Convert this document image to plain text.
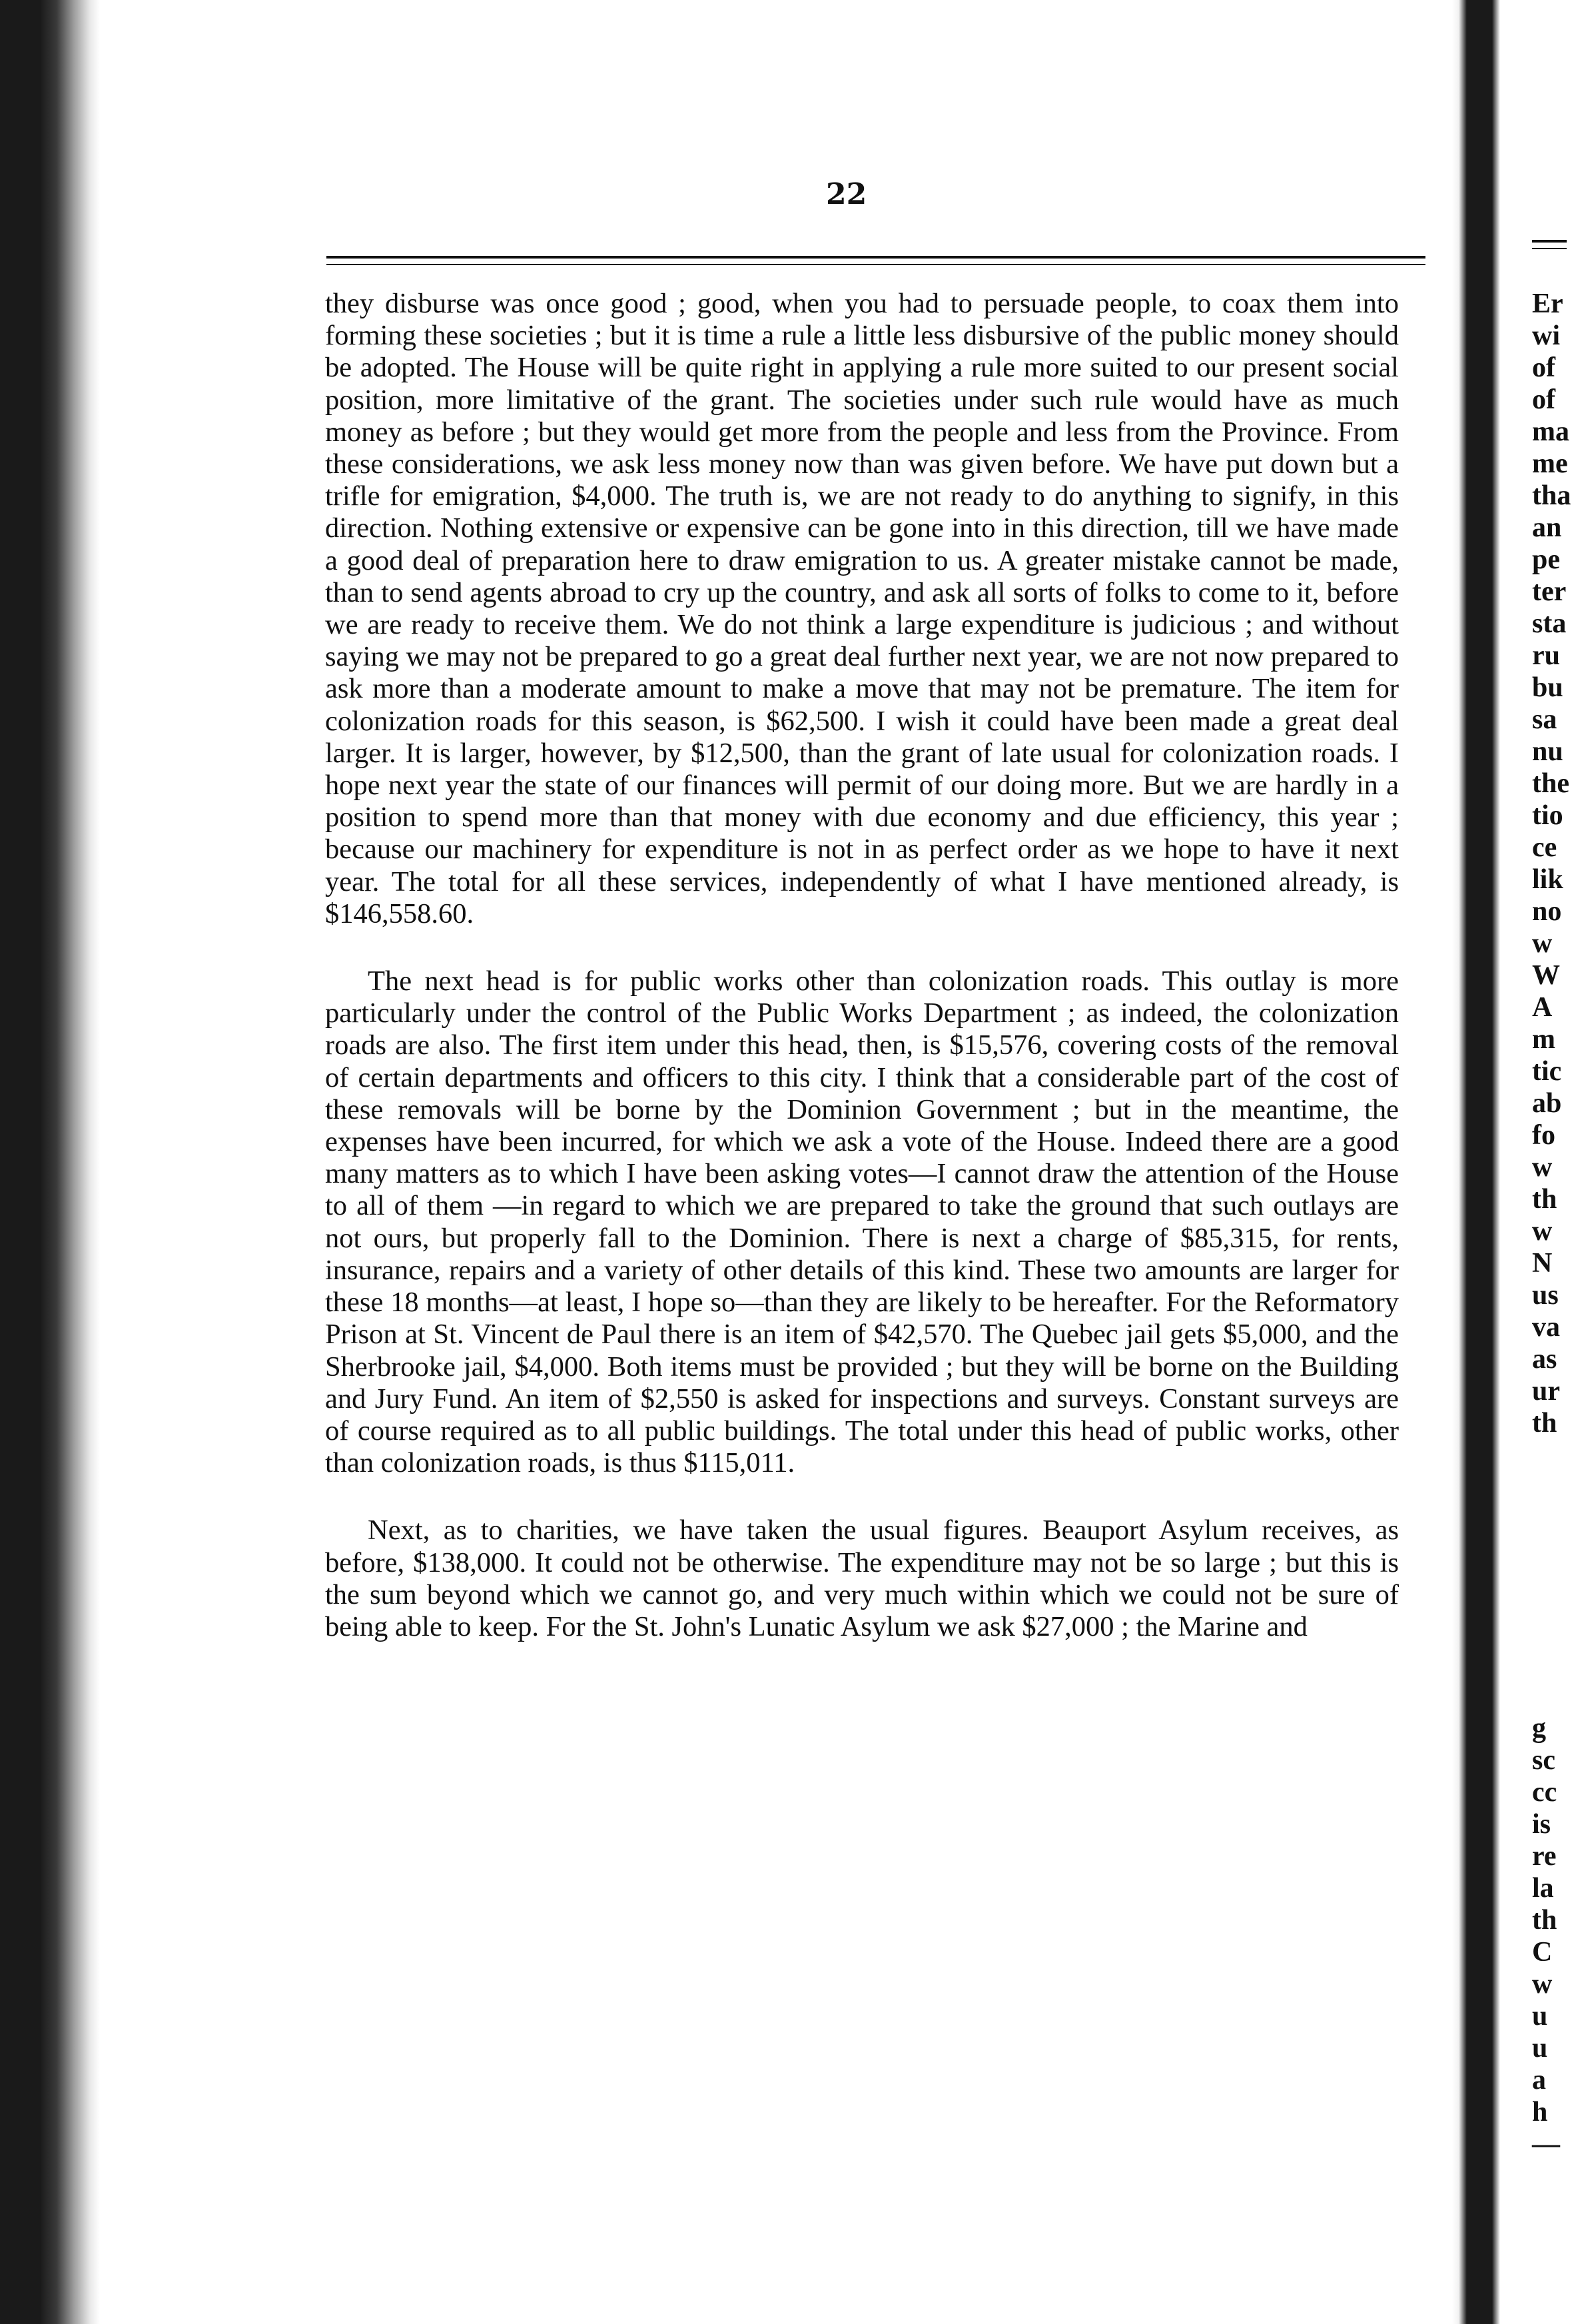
22

they disburse was once good ; good, when you had to persuade people, to coax them into forming these societies ; but it is time a rule a little less disbursive of the public money should be adopted. The House will be quite right in applying a rule more suited to our present social position, more limitative of the grant. The societies under such rule would have as much money as before ; but they would get more from the people and less from the Province. From these considerations, we ask less money now than was given before. We have put down but a trifle for emigration, $4,000. The truth is, we are not ready to do anything to signify, in this direction. Nothing extensive or expensive can be gone into in this direction, till we have made a good deal of preparation here to draw emigration to us. A greater mistake cannot be made, than to send agents abroad to cry up the country, and ask all sorts of folks to come to it, before we are ready to receive them. We do not think a large expenditure is judicious ; and without saying we may not be prepared to go a great deal further next year, we are not now prepared to ask more than a moderate amount to make a move that may not be premature. The item for colonization roads for this season, is $62,500. I wish it could have been made a great deal larger. It is larger, however, by $12,500, than the grant of late usual for colonization roads. I hope next year the state of our finances will permit of our doing more. But we are hardly in a position to spend more than that money with due economy and due efficiency, this year ; because our machinery for expenditure is not in as perfect order as we hope to have it next year. The total for all these services, independently of what I have mentioned already, is $146,558.60.

The next head is for public works other than colonization roads. This outlay is more particularly under the control of the Public Works Department ; as indeed, the colonization roads are also. The first item under this head, then, is $15,576, covering costs of the removal of certain departments and officers to this city. I think that a considerable part of the cost of these removals will be borne by the Dominion Government ; but in the meantime, the expenses have been incurred, for which we ask a vote of the House. Indeed there are a good many matters as to which I have been asking votes—I cannot draw the attention of the House to all of them —in regard to which we are prepared to take the ground that such outlays are not ours, but properly fall to the Dominion. There is next a charge of $85,315, for rents, insurance, repairs and a variety of other details of this kind. These two amounts are larger for these 18 months—at least, I hope so—than they are likely to be hereafter. For the Reformatory Prison at St. Vincent de Paul there is an item of $42,570. The Quebec jail gets $5,000, and the Sherbrooke jail, $4,000. Both items must be provided ; but they will be borne on the Building and Jury Fund. An item of $2,550 is asked for inspections and surveys. Constant surveys are of course required as to all public buildings. The total under this head of public works, other than colonization roads, is thus $115,011.

Next, as to charities, we have taken the usual figures. Beauport Asylum receives, as before, $138,000. It could not be otherwise. The expenditure may not be so large ; but this is the sum beyond which we cannot go, and very much within which we could not be sure of being able to keep. For the St. John's Lunatic Asylum we ask $27,000 ; the Marine and

Er
wi
of
of
ma
me
tha
an
pe
ter
sta
ru
bu
sa
nu
the
tio
ce
lik
no
w
W
A
m
tic
ab
fo
w
th
w
N
us
va
as
ur
th
g
sc
cc
is
re
la
th
C
w
u
u
a
h
—
